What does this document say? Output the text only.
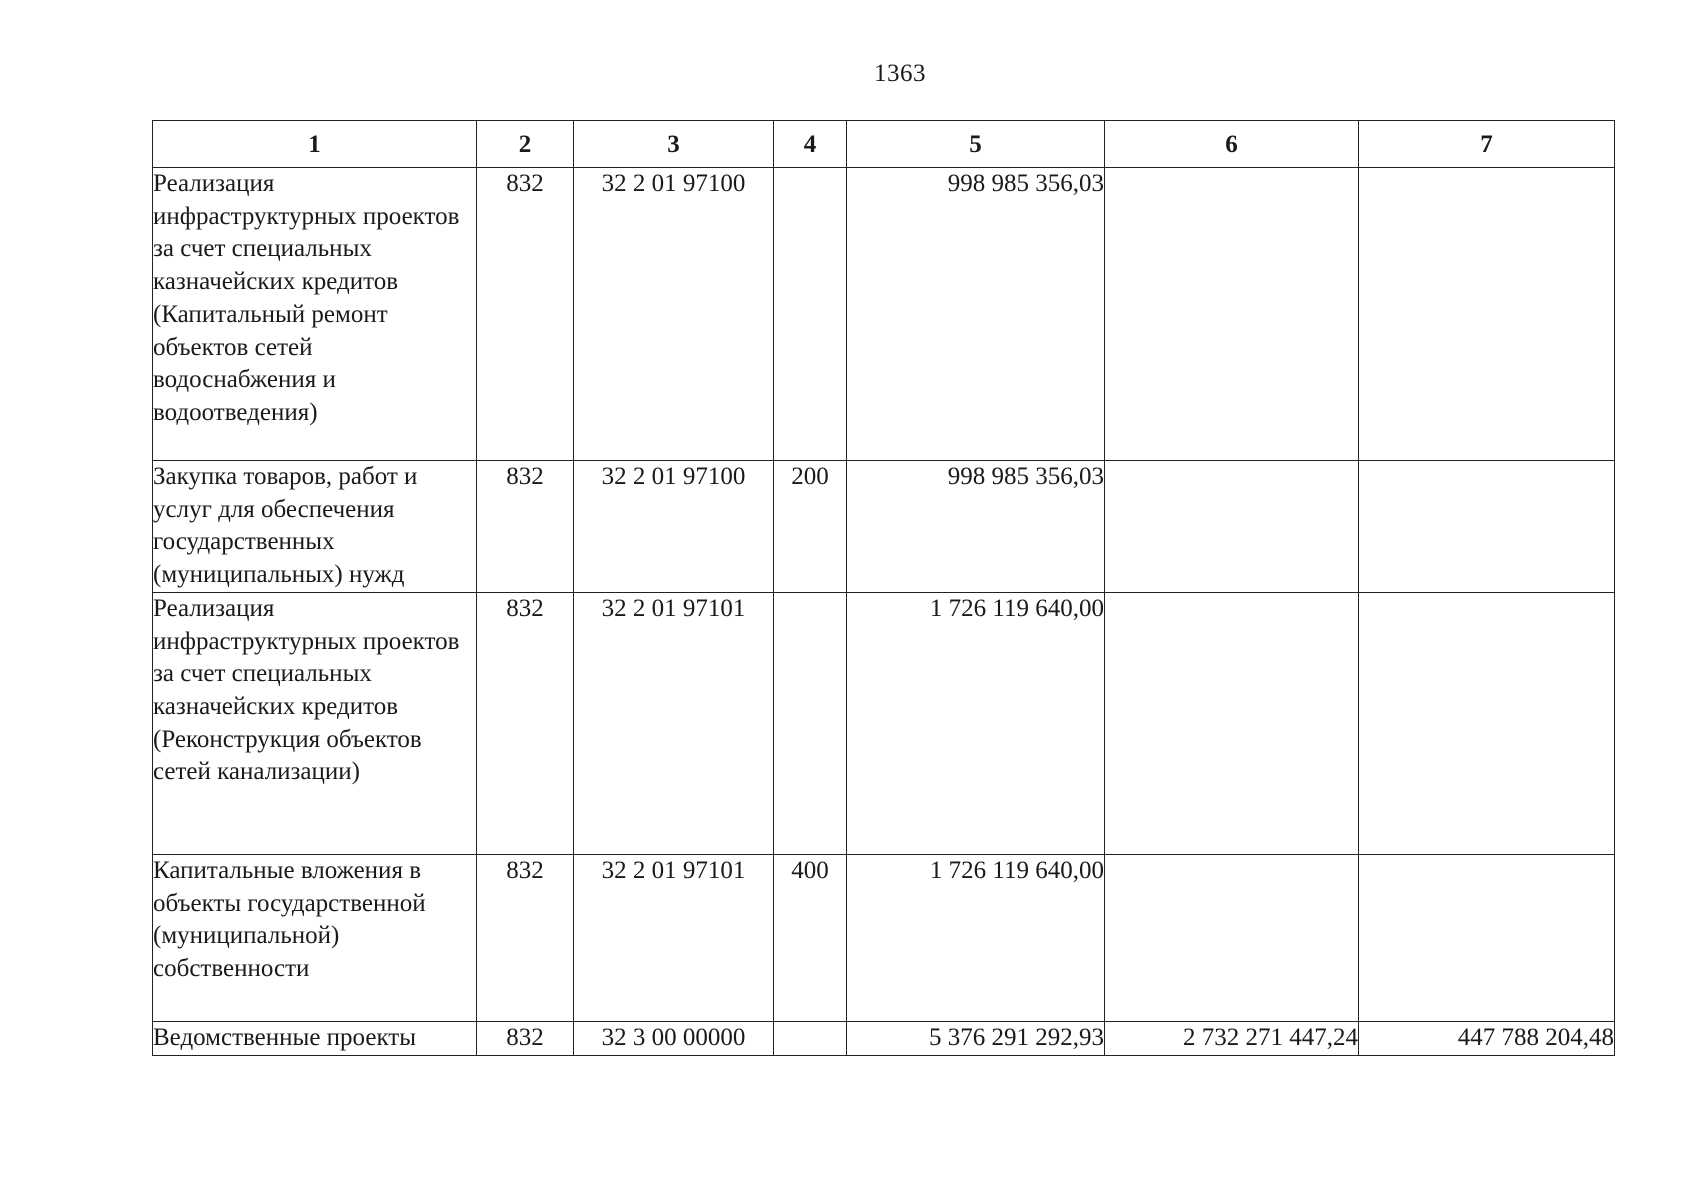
1363
1	2	3	4	5	6	7
Реализация инфраструктурных проектов за счет специальных казначейских кредитов (Капитальный ремонт объектов сетей водоснабжения и водоотведения)	832	32 2 01 97100		998 985 356,03		
Закупка товаров, работ и услуг для обеспечения государственных (муниципальных) нужд	832	32 2 01 97100	200	998 985 356,03		
Реализация инфраструктурных проектов за счет специальных казначейских кредитов (Реконструкция объектов сетей канализации)	832	32 2 01 97101		1 726 119 640,00		
Капитальные вложения в объекты государственной (муниципальной) собственности	832	32 2 01 97101	400	1 726 119 640,00		
Ведомственные проекты	832	32 3 00 00000		5 376 291 292,93	2 732 271 447,24	447 788 204,48
